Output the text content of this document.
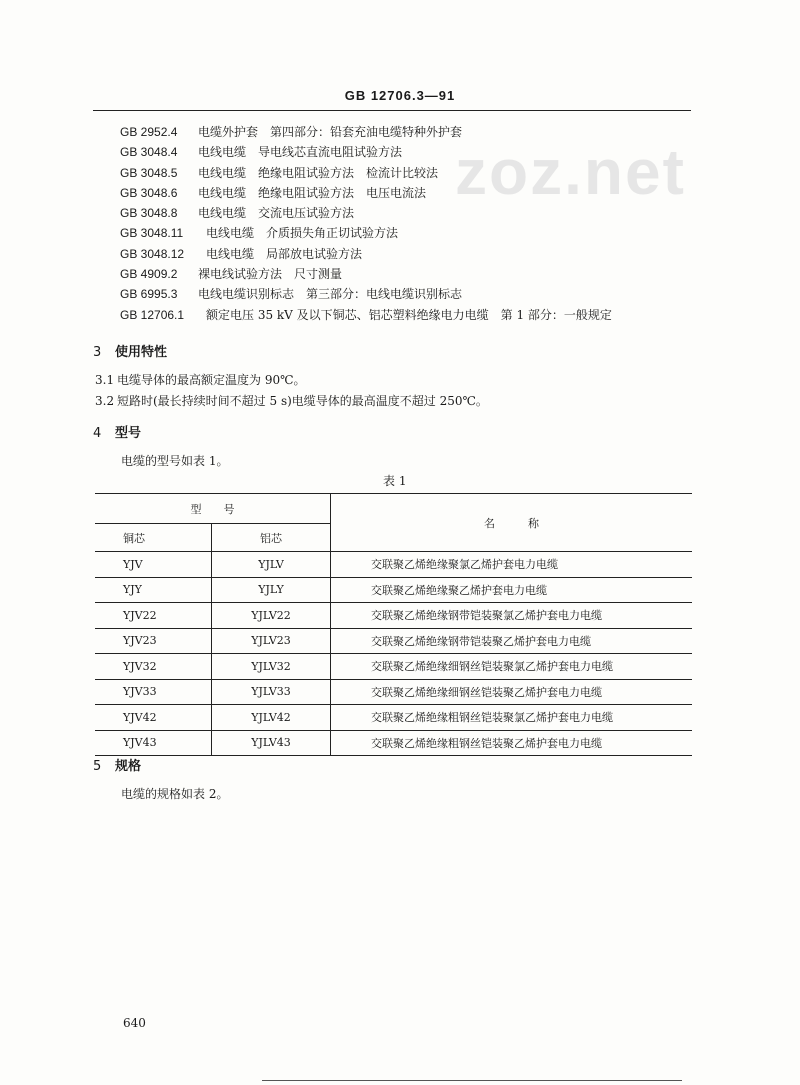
GB 12706.3—91
zoz.net
GB 2952.4 电缆外护套　第四部分：铅套充油电缆特种外护套
GB 3048.4 电线电缆　导电线芯直流电阻试验方法
GB 3048.5 电线电缆　绝缘电阻试验方法　检流计比较法
GB 3048.6 电线电缆　绝缘电阻试验方法　电压电流法
GB 3048.8 电线电缆　交流电压试验方法
GB 3048.11 电线电缆　介质损失角正切试验方法
GB 3048.12 电线电缆　局部放电试验方法
GB 4909.2 裸电线试验方法　尺寸测量
GB 6995.3 电线电缆识别标志　第三部分：电线电缆识别标志
GB 12706.1 额定电压 35 kV 及以下铜芯、铝芯塑料绝缘电力电缆　第 1 部分：一般规定
3 使用特性
3.1 电缆导体的最高额定温度为 90℃。
3.2 短路时(最长持续时间不超过 5 s)电缆导体的最高温度不超过 250℃。
4 型号
电缆的型号如表 1。
表 1
型　　号		名　　　称
铜芯	铝芯	
YJV	YJLV	交联聚乙烯绝缘聚氯乙烯护套电力电缆
YJY	YJLY	交联聚乙烯绝缘聚乙烯护套电力电缆
YJV22	YJLV22	交联聚乙烯绝缘钢带铠装聚氯乙烯护套电力电缆
YJV23	YJLV23	交联聚乙烯绝缘钢带铠装聚乙烯护套电力电缆
YJV32	YJLV32	交联聚乙烯绝缘细钢丝铠装聚氯乙烯护套电力电缆
YJV33	YJLV33	交联聚乙烯绝缘细钢丝铠装聚乙烯护套电力电缆
YJV42	YJLV42	交联聚乙烯绝缘粗钢丝铠装聚氯乙烯护套电力电缆
YJV43	YJLV43	交联聚乙烯绝缘粗钢丝铠装聚乙烯护套电力电缆
5 规格
电缆的规格如表 2。
640
